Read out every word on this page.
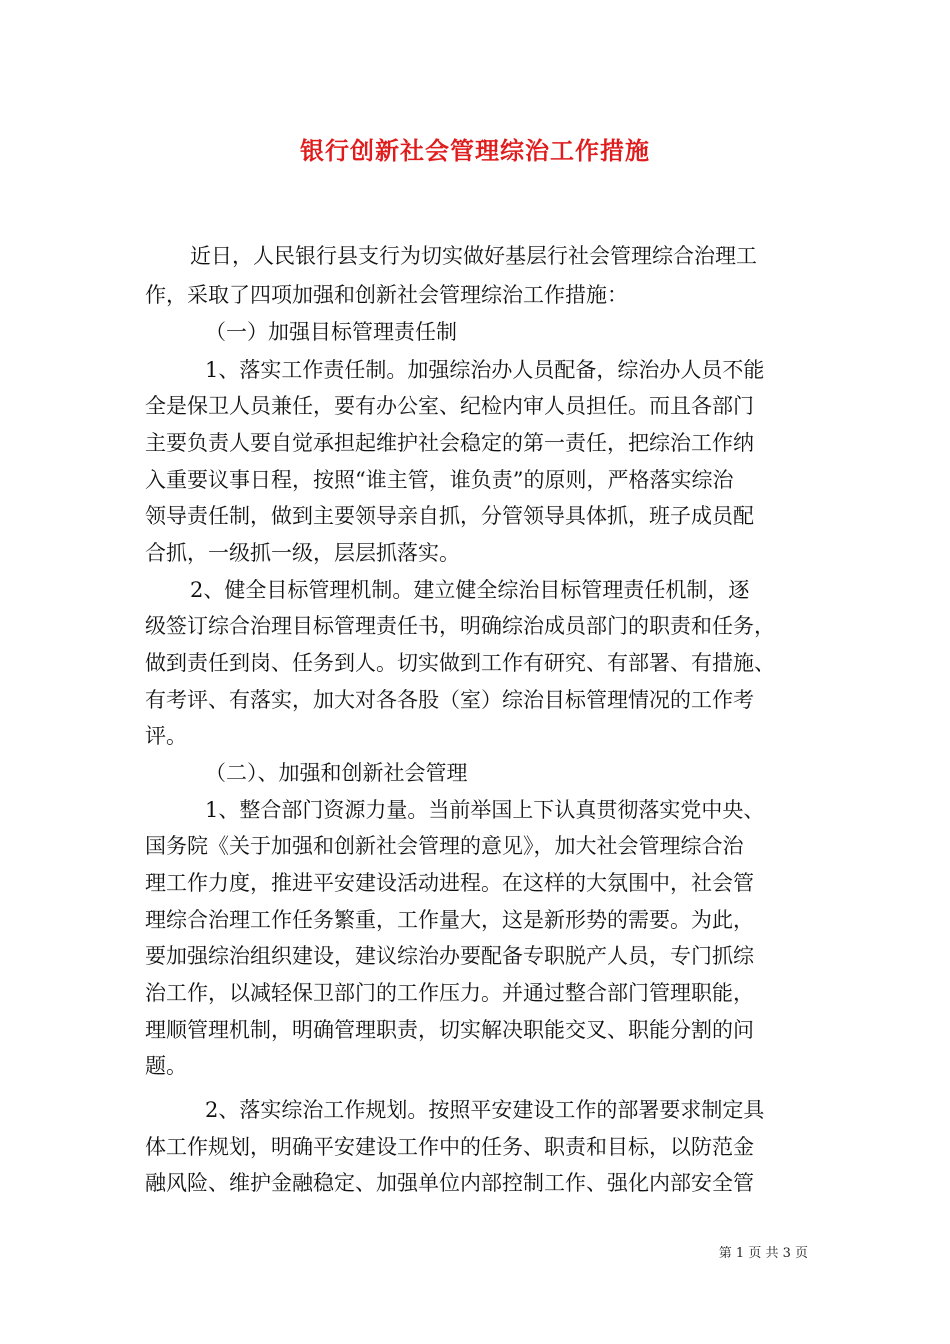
银行创新社会管理综治工作措施
近日，人民银行县支行为切实做好基层行社会管理综合治理工
作，采取了四项加强和创新社会管理综治工作措施：
（一）加强目标管理责任制
1、落实工作责任制。加强综治办人员配备，综治办人员不能
全是保卫人员兼任，要有办公室、纪检内审人员担任。而且各部门
主要负责人要自觉承担起维护社会稳定的第一责任，把综治工作纳
入重要议事日程，按照“谁主管，谁负责”的原则，严格落实综治
领导责任制，做到主要领导亲自抓，分管领导具体抓，班子成员配
合抓，一级抓一级，层层抓落实。
2、健全目标管理机制。建立健全综治目标管理责任机制，逐
级签订综合治理目标管理责任书，明确综治成员部门的职责和任务，
做到责任到岗、任务到人。切实做到工作有研究、有部署、有措施、
有考评、有落实，加大对各各股（室）综治目标管理情况的工作考
评。
（二）、加强和创新社会管理
1、整合部门资源力量。当前举国上下认真贯彻落实党中央、
国务院《关于加强和创新社会管理的意见》，加大社会管理综合治
理工作力度，推进平安建设活动进程。在这样的大氛围中，社会管
理综合治理工作任务繁重，工作量大，这是新形势的需要。为此，
要加强综治组织建设，建议综治办要配备专职脱产人员，专门抓综
治工作，以减轻保卫部门的工作压力。并通过整合部门管理职能，
理顺管理机制，明确管理职责，切实解决职能交叉、职能分割的问
题。
2、落实综治工作规划。按照平安建设工作的部署要求制定具
体工作规划，明确平安建设工作中的任务、职责和目标，以防范金
融风险、维护金融稳定、加强单位内部控制工作、强化内部安全管
第 1 页 共 3 页
